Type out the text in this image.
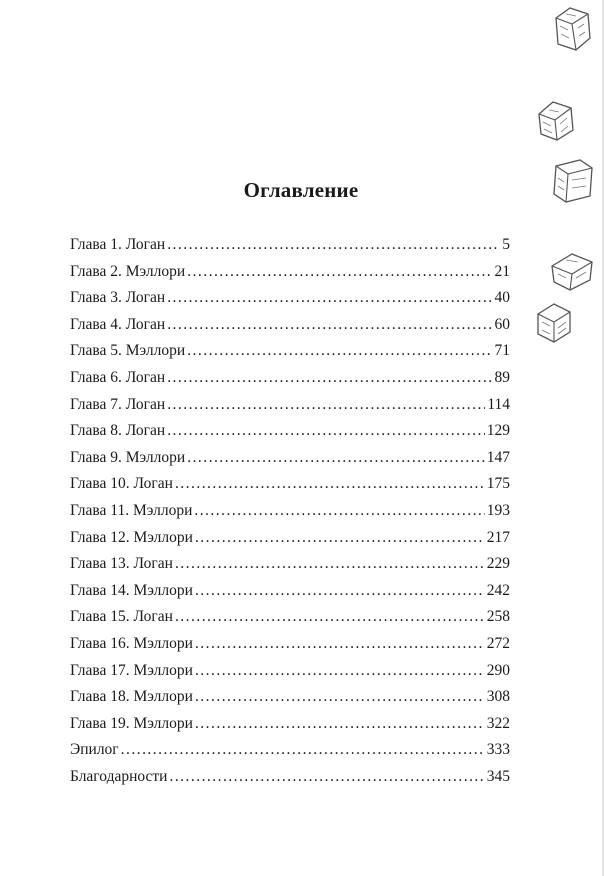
Оглавление
Глава 1. Логан . . .	5
Глава 2. Мэллори . . .	21
Глава 3. Логан . . .	40
Глава 4. Логан . . .	60
Глава 5. Мэллори . . .	71
Глава 6. Логан . . .	89
Глава 7. Логан . . .	114
Глава 8. Логан . . .	129
Глава 9. Мэллори . . .	147
Глава 10. Логан . . .	175
Глава 11. Мэллори . . .	193
Глава 12. Мэллори . . .	217
Глава 13. Логан . . .	229
Глава 14. Мэллори . . .	242
Глава 15. Логан . . .	258
Глава 16. Мэллори . . .	272
Глава 17. Мэллори . . .	290
Глава 18. Мэллори . . .	308
Глава 19. Мэллори . . .	322
Эпилог . . .	333
Благодарности . . .	345
